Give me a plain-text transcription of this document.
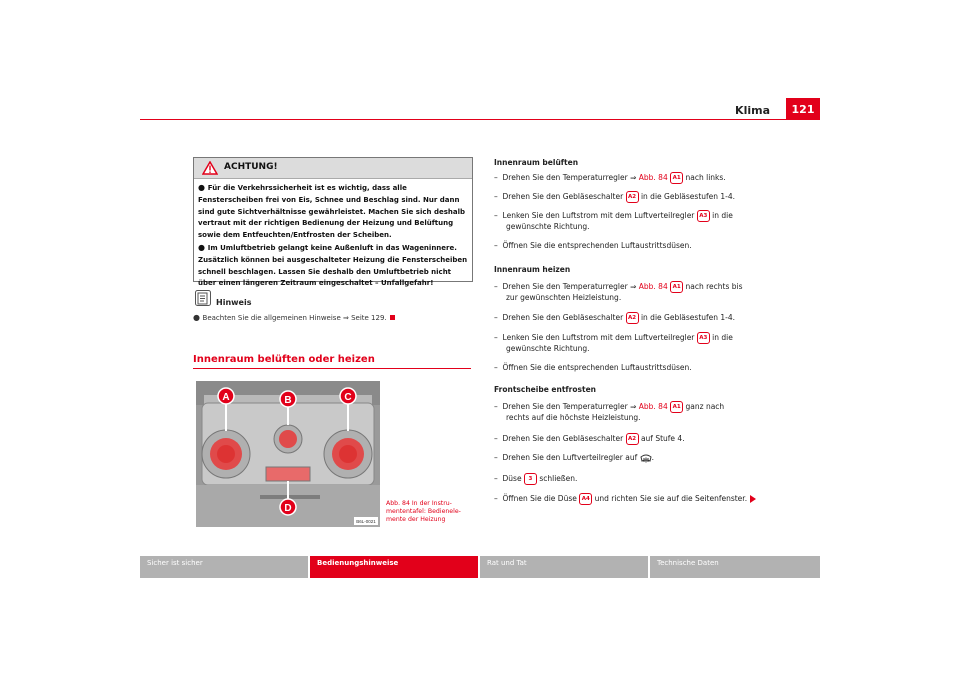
Klima	121
ACHTUNG!

● Für die Verkehrssicherheit ist es wichtig, dass alle Fensterscheiben frei von Eis, Schnee und Beschlag sind. Nur dann sind gute Sichtverhältnisse gewährleistet. Machen Sie sich deshalb vertraut mit der richtigen Bedienung der Heizung und Belüftung sowie dem Entfeuchten/Entfrosten der Scheiben.

● Im Umluftbetrieb gelangt keine Außenluft in das Wageninnere. Zusätzlich können bei ausgeschalteter Heizung die Fensterscheiben schnell beschlagen. Lassen Sie deshalb den Umluftbetrieb nicht über einen längeren Zeitraum eingeschaltet – Unfallgefahr!

Hinweis
● Beachten Sie die allgemeinen Hinweise ⇒ Seite 129.
Innenraum belüften oder heizen
A	B	C
D
B6L-0021
Abb. 84 In der Instru-
mententafel: Bedienele-
mente der Heizung
Innenraum belüften
–  Drehen Sie den Temperaturregler ⇒ Abb. 84 A1 nach links.
–  Drehen Sie den Gebläseschalter A2 in die Gebläsestufen 1-4.
–  Lenken Sie den Luftstrom mit dem Luftverteilregler A3 in die
gewünschte Richtung.
–  Öffnen Sie die entsprechenden Luftaustrittsdüsen.
Innenraum heizen
–  Drehen Sie den Temperaturregler ⇒ Abb. 84 A1 nach rechts bis
zur gewünschten Heizleistung.
–  Drehen Sie den Gebläseschalter A2 in die Gebläsestufen 1-4.
–  Lenken Sie den Luftstrom mit dem Luftverteilregler A3 in die
gewünschte Richtung.
–  Öffnen Sie die entsprechenden Luftaustrittsdüsen.
Frontscheibe entfrosten
–  Drehen Sie den Temperaturregler ⇒ Abb. 84 A1 ganz nach
rechts auf die höchste Heizleistung.
–  Drehen Sie den Gebläseschalter A2 auf Stufe 4.
–  Drehen Sie den Luftverteilregler auf .
–  Düse 3 schließen.
–  Öffnen Sie die Düse A4 und richten Sie sie auf die Seitenfenster.
Sicher ist sicher	Bedienungshinweise	Rat und Tat	Technische Daten
